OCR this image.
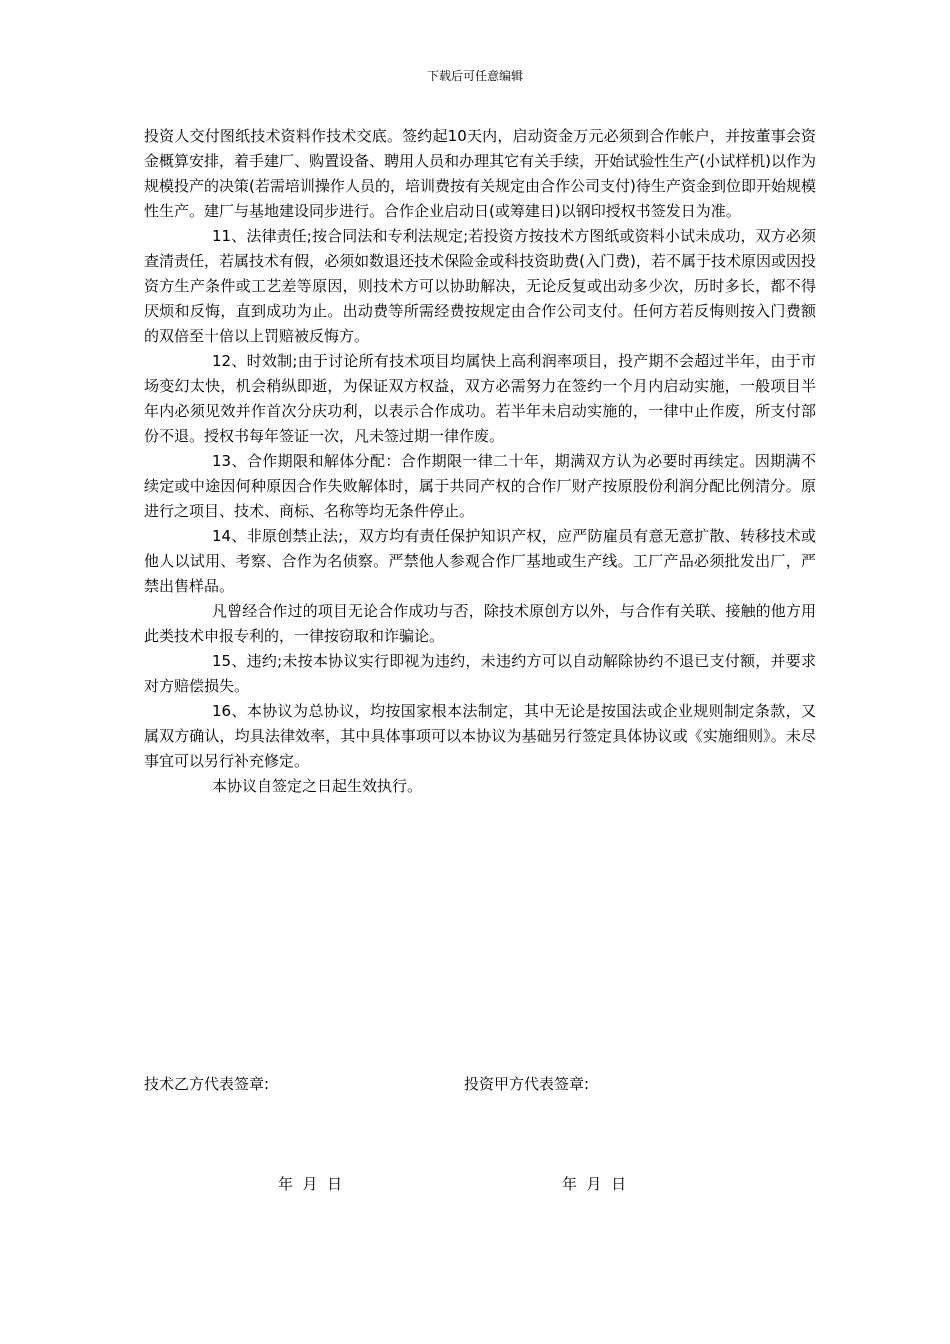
下载后可任意编辑

投资人交付图纸技术资料作技术交底。签约起10天内，启动资金万元必须到合作帐户，并按董事会资金概算安排，着手建厂、购置设备、聘用人员和办理其它有关手续，开始试验性生产(小试样机)以作为规模投产的决策(若需培训操作人员的，培训费按有关规定由合作公司支付)待生产资金到位即开始规模性生产。建厂与基地建设同步进行。合作企业启动日(或筹建日)以钢印授权书签发日为准。

11、法律责任;按合同法和专利法规定;若投资方按技术方图纸或资料小试未成功，双方必须查清责任，若属技术有假，必须如数退还技术保险金或科技资助费(入门费)，若不属于技术原因或因投资方生产条件或工艺差等原因，则技术方可以协助解决，无论反复或出动多少次，历时多长，都不得厌烦和反悔，直到成功为止。出动费等所需经费按规定由合作公司支付。任何方若反悔则按入门费额的双倍至十倍以上罚赔被反悔方。

12、时效制;由于讨论所有技术项目均属快上高利润率项目，投产期不会超过半年，由于市场变幻太快，机会稍纵即逝，为保证双方权益，双方必需努力在签约一个月内启动实施，一般项目半年内必须见效并作首次分庆功利，以表示合作成功。若半年未启动实施的，一律中止作废，所支付部份不退。授权书每年签证一次，凡未签过期一律作废。

13、合作期限和解体分配：合作期限一律二十年，期满双方认为必要时再续定。因期满不续定或中途因何种原因合作失败解体时，属于共同产权的合作厂财产按原股份利润分配比例清分。原进行之项目、技术、商标、名称等均无条件停止。

14、非原创禁止法;，双方均有责任保护知识产权，应严防雇员有意无意扩散、转移技术或他人以试用、考察、合作为名侦察。严禁他人参观合作厂基地或生产线。工厂产品必须批发出厂，严禁出售样品。

凡曾经合作过的项目无论合作成功与否，除技术原创方以外，与合作有关联、接触的他方用此类技术申报专利的，一律按窃取和诈骗论。

15、违约;未按本协议实行即视为违约，未违约方可以自动解除协约不退已支付额，并要求对方赔偿损失。

16、本协议为总协议，均按国家根本法制定，其中无论是按国法或企业规则制定条款，又属双方确认，均具法律效率，其中具体事项可以本协议为基础另行签定具体协议或《实施细则》。未尽事宜可以另行补充修定。

本协议自签定之日起生效执行。

技术乙方代表签章:	投资甲方代表签章:
年  月  日	年  月  日
